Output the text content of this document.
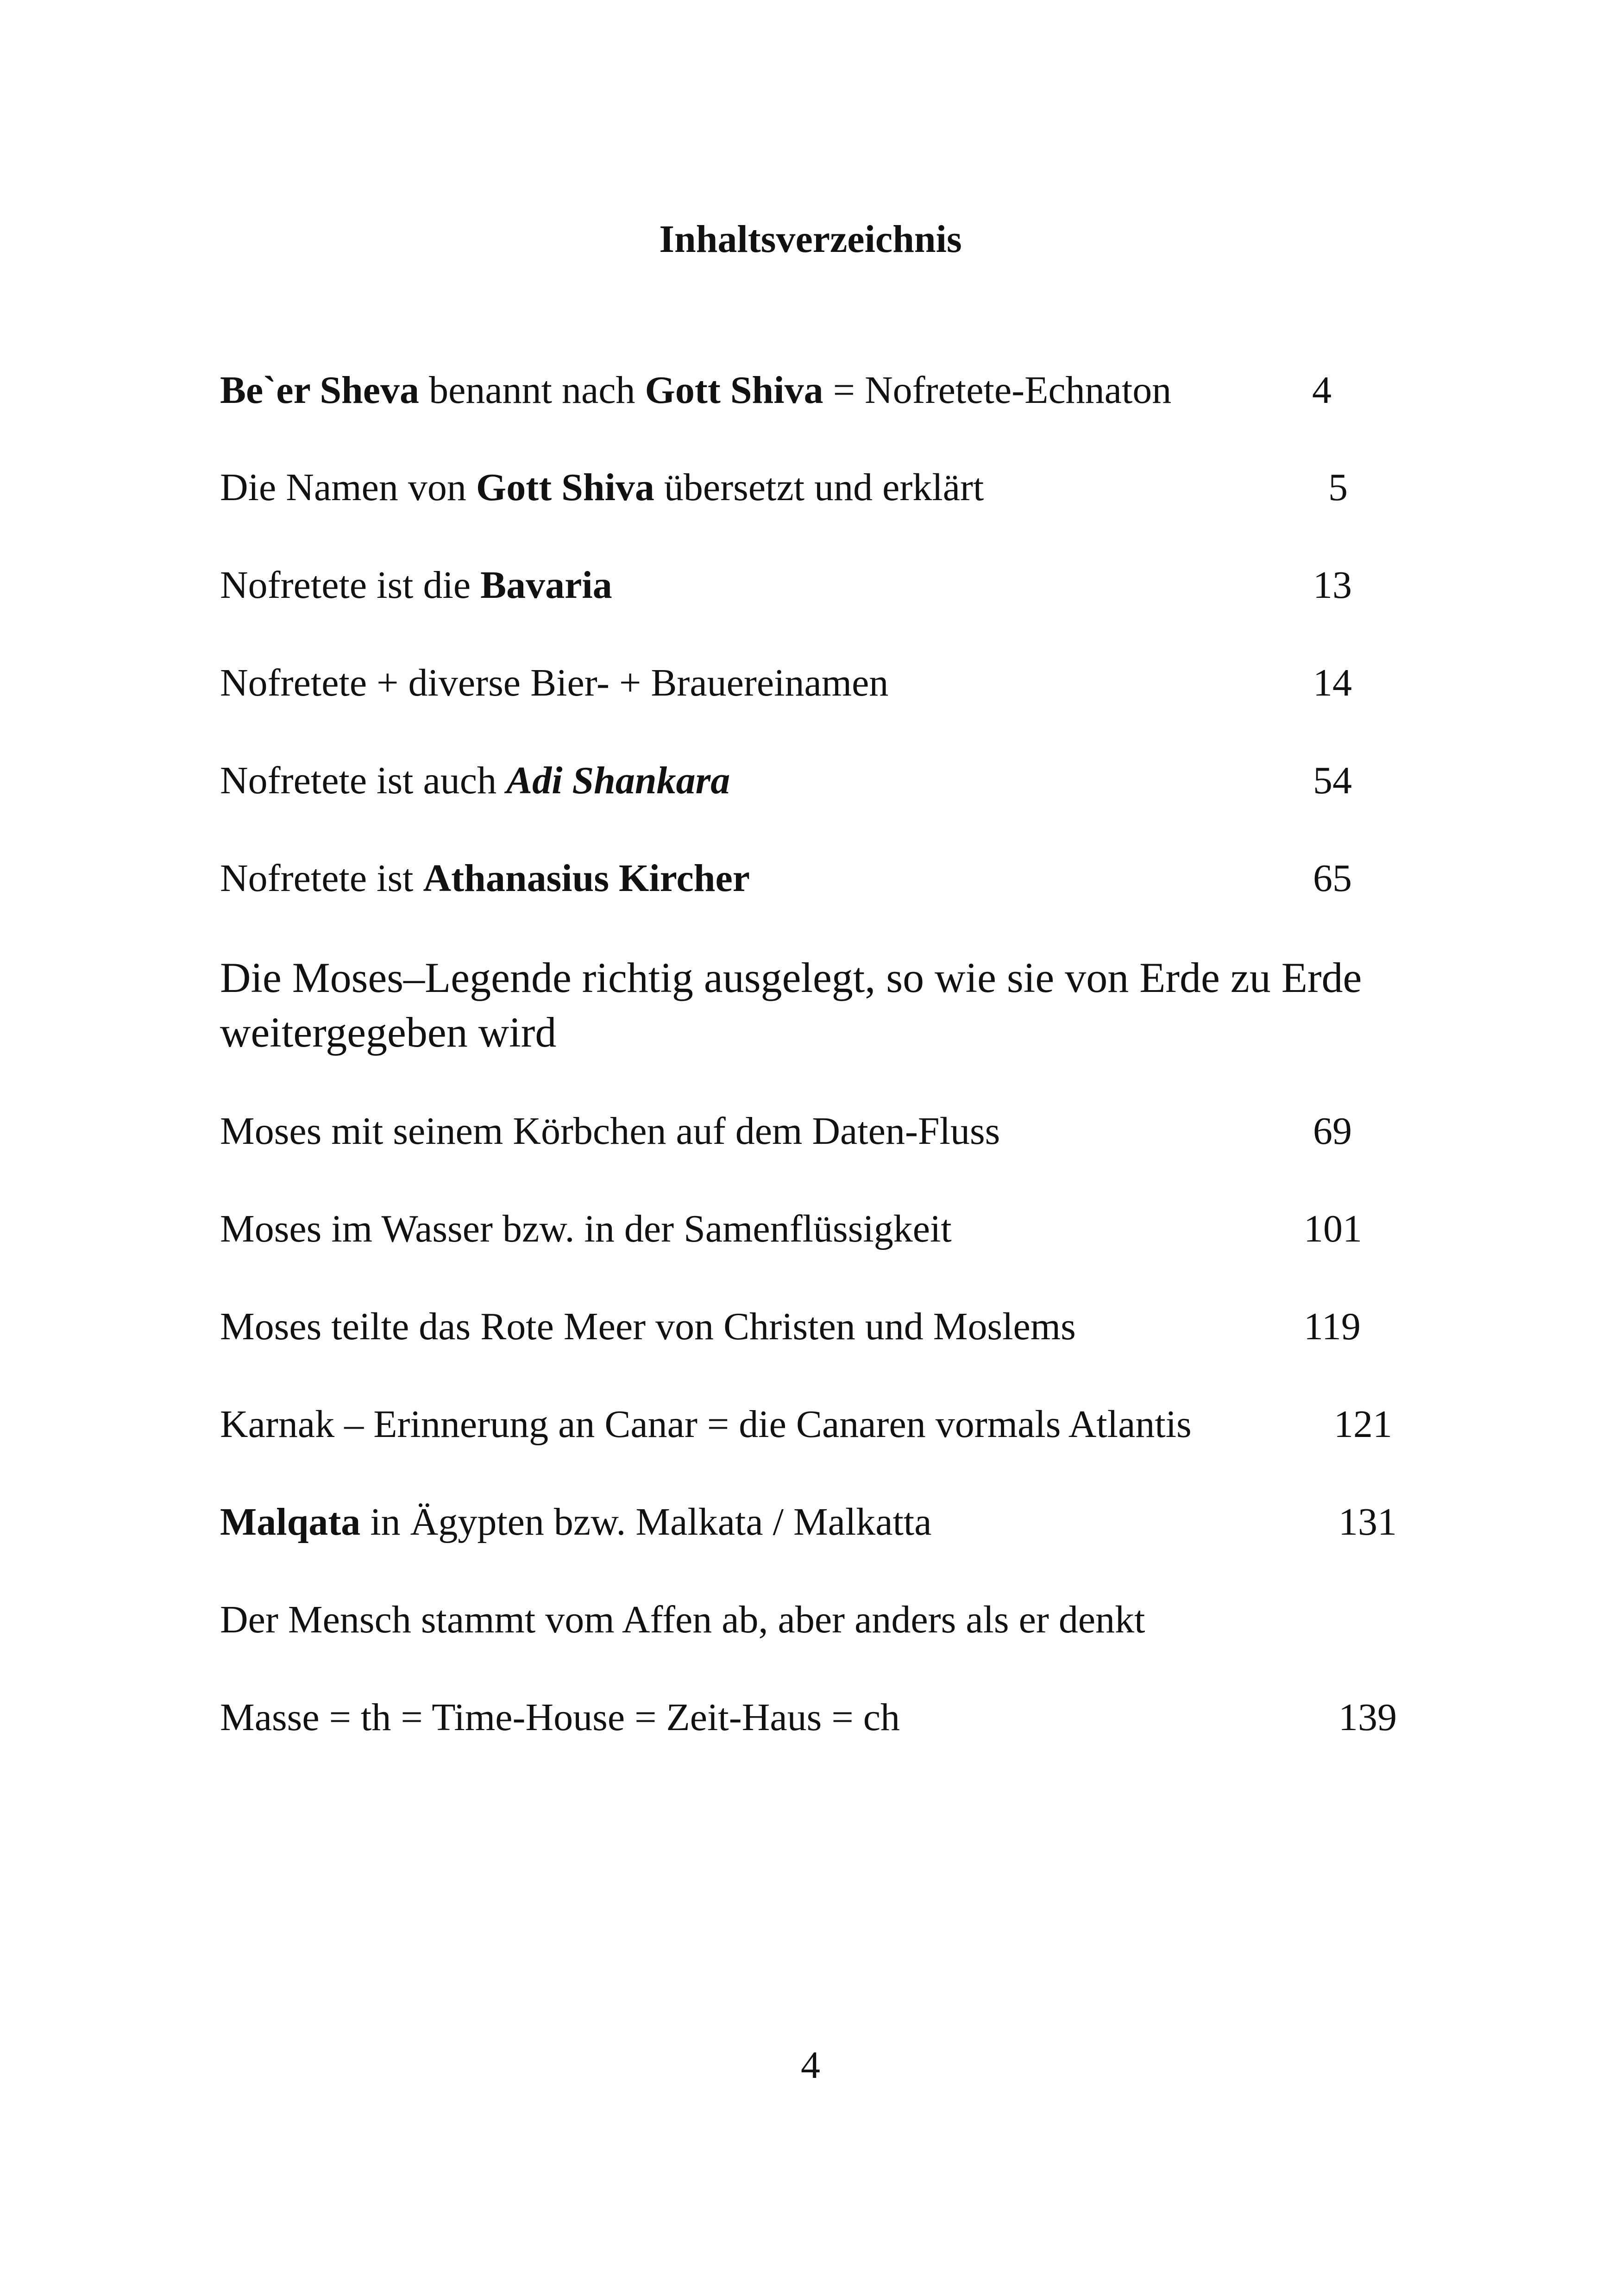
Inhaltsverzeichnis
Be`er Sheva benannt nach Gott Shiva = Nofretete-Echnaton	4
Die Namen von Gott Shiva übersetzt und erklärt	5
Nofretete ist die Bavaria	13
Nofretete + diverse Bier- + Brauereinamen	14
Nofretete ist auch Adi Shankara	54
Nofretete ist Athanasius Kircher	65
Die Moses–Legende richtig ausgelegt, so wie sie von Erde zu Erde weitergegeben wird
Moses mit seinem Körbchen auf dem Daten-Fluss	69
Moses im Wasser bzw. in der Samenflüssigkeit	101
Moses teilte das Rote Meer von Christen und Moslems	119
Karnak – Erinnerung an Canar = die Canaren vormals Atlantis	121
Malqata in Ägypten bzw. Malkata / Malkatta	131
Der Mensch stammt vom Affen ab, aber anders als er denkt
Masse = th = Time-House = Zeit-Haus = ch	139
4
